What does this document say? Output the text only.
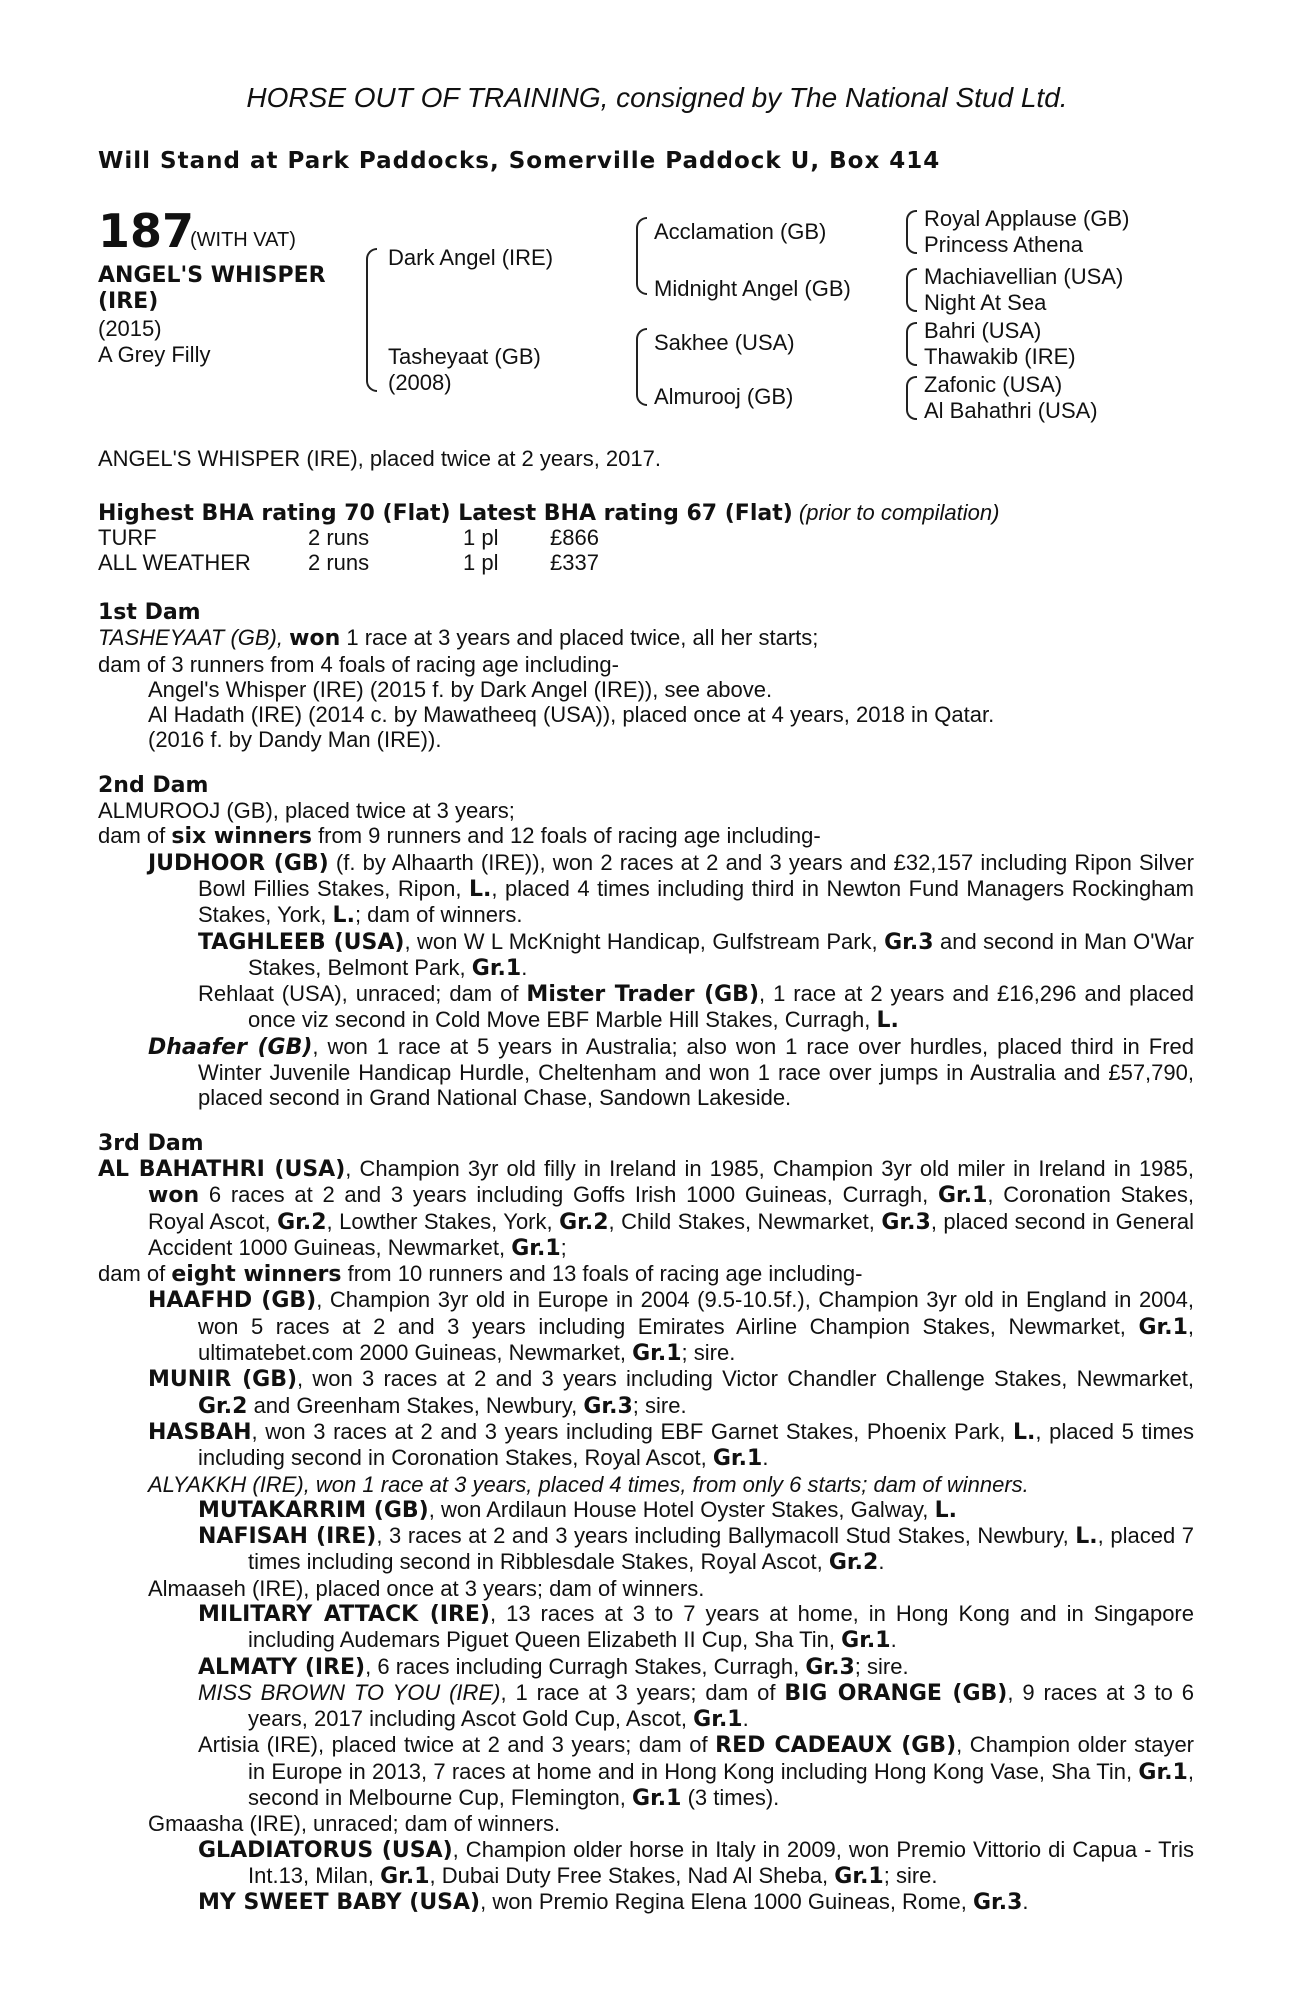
HORSE OUT OF TRAINING, consigned by The National Stud Ltd.
Will Stand at Park Paddocks, Somerville Paddock U, Box 414
187
(WITH VAT)
ANGEL'S WHISPER
(IRE)
(2015)
A Grey Filly
Dark Angel (IRE)
Tasheyaat (GB)
(2008)
Acclamation (GB)
Midnight Angel (GB)
Sakhee (USA)
Almurooj (GB)
Royal Applause (GB)
Princess Athena
Machiavellian (USA)
Night At Sea
Bahri (USA)
Thawakib (IRE)
Zafonic (USA)
Al Bahathri (USA)
ANGEL'S WHISPER (IRE), placed twice at 2 years, 2017.
Highest BHA rating 70 (Flat) Latest BHA rating 67 (Flat) (prior to compilation)
TURF	2 runs	1 pl	£866
ALL WEATHER	2 runs	1 pl	£337
1st Dam
TASHEYAAT (GB), won 1 race at 3 years and placed twice, all her starts;
dam of 3 runners from 4 foals of racing age including-
Angel's Whisper (IRE) (2015 f. by Dark Angel (IRE)), see above.
Al Hadath (IRE) (2014 c. by Mawatheeq (USA)), placed once at 4 years, 2018 in Qatar.
(2016 f. by Dandy Man (IRE)).
2nd Dam
ALMUROOJ (GB), placed twice at 3 years;
dam of six winners from 9 runners and 12 foals of racing age including-
JUDHOOR (GB) (f. by Alhaarth (IRE)), won 2 races at 2 and 3 years and £32,157 including Ripon Silver Bowl Fillies Stakes, Ripon, L., placed 4 times including third in Newton Fund Managers Rockingham Stakes, York, L.; dam of winners.
TAGHLEEB (USA), won W L McKnight Handicap, Gulfstream Park, Gr.3 and second in Man O'War Stakes, Belmont Park, Gr.1.
Rehlaat (USA), unraced; dam of Mister Trader (GB), 1 race at 2 years and £16,296 and placed once viz second in Cold Move EBF Marble Hill Stakes, Curragh, L.
Dhaafer (GB), won 1 race at 5 years in Australia; also won 1 race over hurdles, placed third in Fred Winter Juvenile Handicap Hurdle, Cheltenham and won 1 race over jumps in Australia and £57,790, placed second in Grand National Chase, Sandown Lakeside.
3rd Dam
AL BAHATHRI (USA), Champion 3yr old filly in Ireland in 1985, Champion 3yr old miler in Ireland in 1985, won 6 races at 2 and 3 years including Goffs Irish 1000 Guineas, Curragh, Gr.1, Coronation Stakes, Royal Ascot, Gr.2, Lowther Stakes, York, Gr.2, Child Stakes, Newmarket, Gr.3, placed second in General Accident 1000 Guineas, Newmarket, Gr.1;
dam of eight winners from 10 runners and 13 foals of racing age including-
HAAFHD (GB), Champion 3yr old in Europe in 2004 (9.5-10.5f.), Champion 3yr old in England in 2004, won 5 races at 2 and 3 years including Emirates Airline Champion Stakes, Newmarket, Gr.1, ultimatebet.com 2000 Guineas, Newmarket, Gr.1; sire.
MUNIR (GB), won 3 races at 2 and 3 years including Victor Chandler Challenge Stakes, Newmarket, Gr.2 and Greenham Stakes, Newbury, Gr.3; sire.
HASBAH, won 3 races at 2 and 3 years including EBF Garnet Stakes, Phoenix Park, L., placed 5 times including second in Coronation Stakes, Royal Ascot, Gr.1.
ALYAKKH (IRE), won 1 race at 3 years, placed 4 times, from only 6 starts; dam of winners.
MUTAKARRIM (GB), won Ardilaun House Hotel Oyster Stakes, Galway, L.
NAFISAH (IRE), 3 races at 2 and 3 years including Ballymacoll Stud Stakes, Newbury, L., placed 7 times including second in Ribblesdale Stakes, Royal Ascot, Gr.2.
Almaaseh (IRE), placed once at 3 years; dam of winners.
MILITARY ATTACK (IRE), 13 races at 3 to 7 years at home, in Hong Kong and in Singapore including Audemars Piguet Queen Elizabeth II Cup, Sha Tin, Gr.1.
ALMATY (IRE), 6 races including Curragh Stakes, Curragh, Gr.3; sire.
MISS BROWN TO YOU (IRE), 1 race at 3 years; dam of BIG ORANGE (GB), 9 races at 3 to 6 years, 2017 including Ascot Gold Cup, Ascot, Gr.1.
Artisia (IRE), placed twice at 2 and 3 years; dam of RED CADEAUX (GB), Champion older stayer in Europe in 2013, 7 races at home and in Hong Kong including Hong Kong Vase, Sha Tin, Gr.1, second in Melbourne Cup, Flemington, Gr.1 (3 times).
Gmaasha (IRE), unraced; dam of winners.
GLADIATORUS (USA), Champion older horse in Italy in 2009, won Premio Vittorio di Capua - Tris Int.13, Milan, Gr.1, Dubai Duty Free Stakes, Nad Al Sheba, Gr.1; sire.
MY SWEET BABY (USA), won Premio Regina Elena 1000 Guineas, Rome, Gr.3.
